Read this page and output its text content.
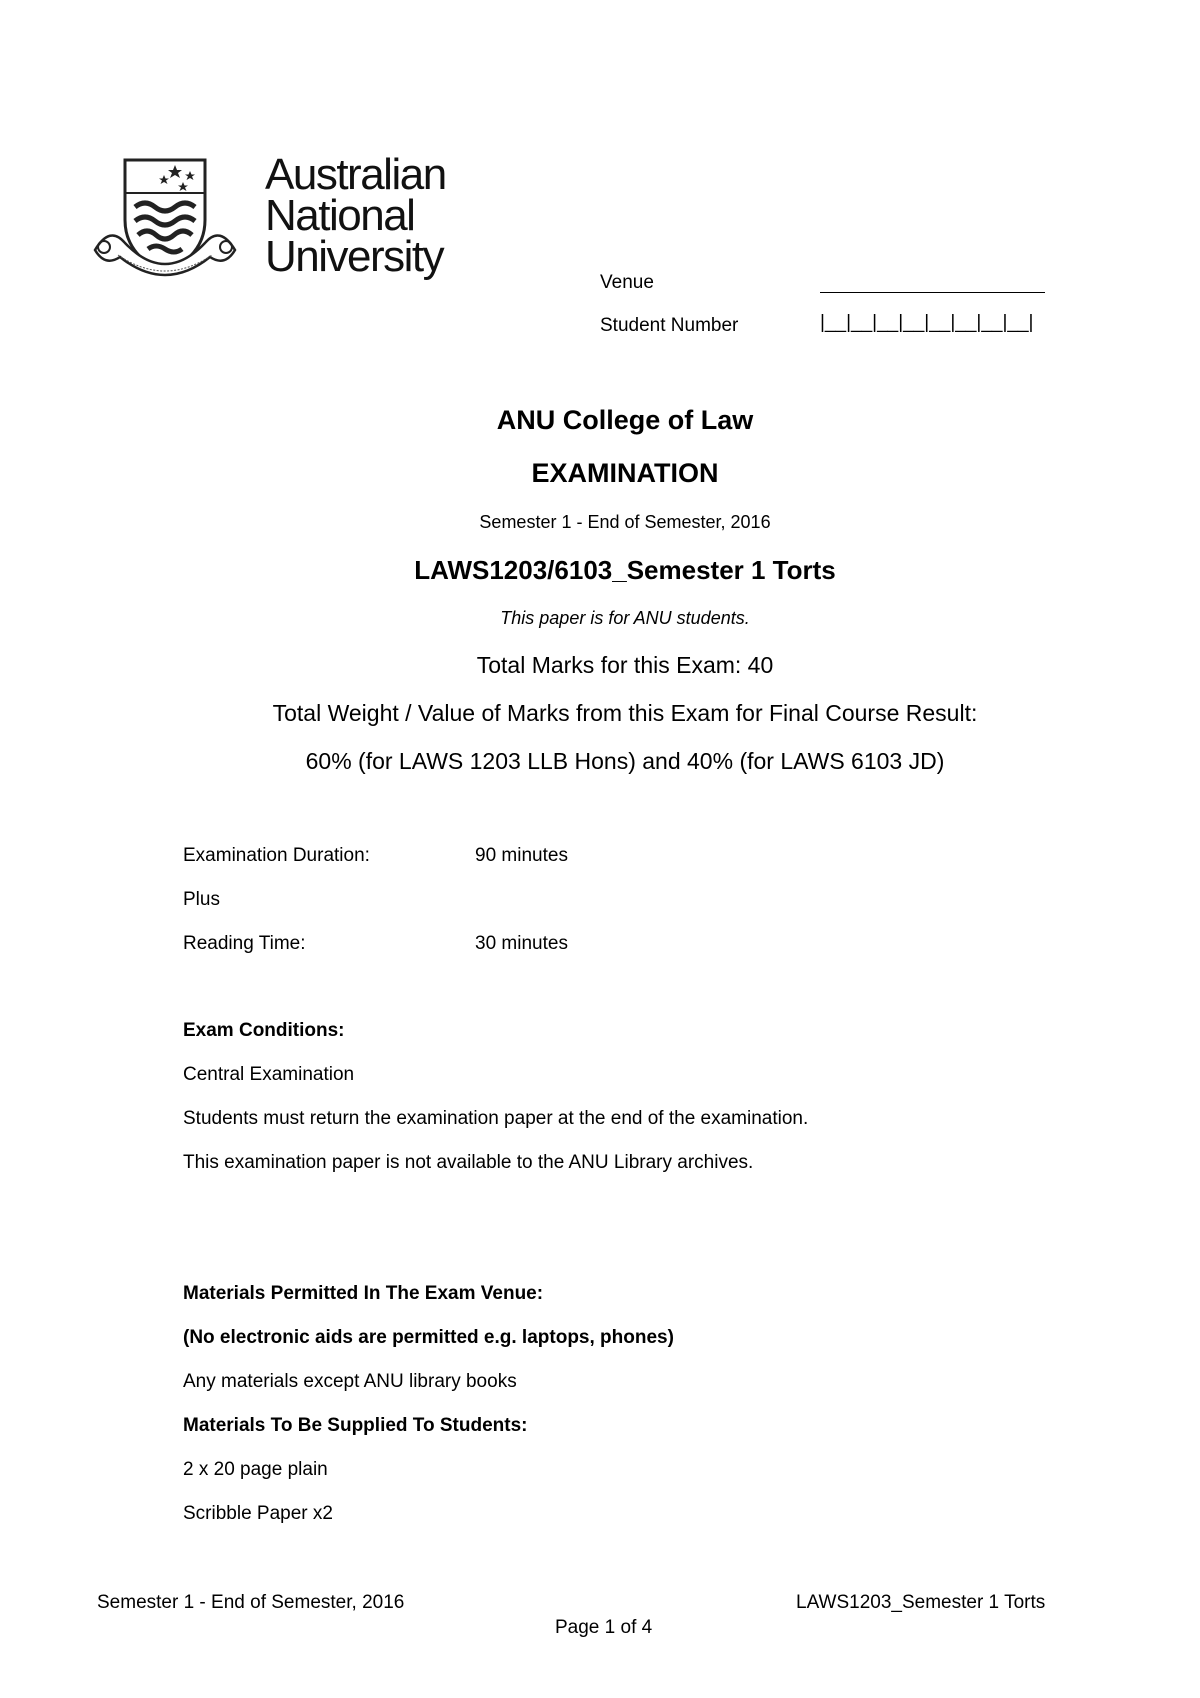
Australian
National
University
Venue
Student Number	|__|__|__|__|__|__|__|__|
ANU College of Law
EXAMINATION
Semester 1 - End of Semester, 2016
LAWS1203/6103_Semester 1 Torts
This paper is for ANU students.
Total Marks for this Exam: 40
Total Weight / Value of Marks from this Exam for Final Course Result:
60% (for LAWS 1203 LLB Hons) and 40% (for LAWS 6103 JD)
Examination Duration:	90 minutes
Plus
Reading Time:	30 minutes
Exam Conditions:
Central Examination
Students must return the examination paper at the end of the examination.
This examination paper is not available to the ANU Library archives.
Materials Permitted In The Exam Venue:
(No electronic aids are permitted e.g. laptops, phones)
Any materials except ANU library books
Materials To Be Supplied To Students:
2 x 20 page plain
Scribble Paper x2
Semester 1 - End of Semester, 2016	LAWS1203_Semester 1 Torts
Page 1 of 4
